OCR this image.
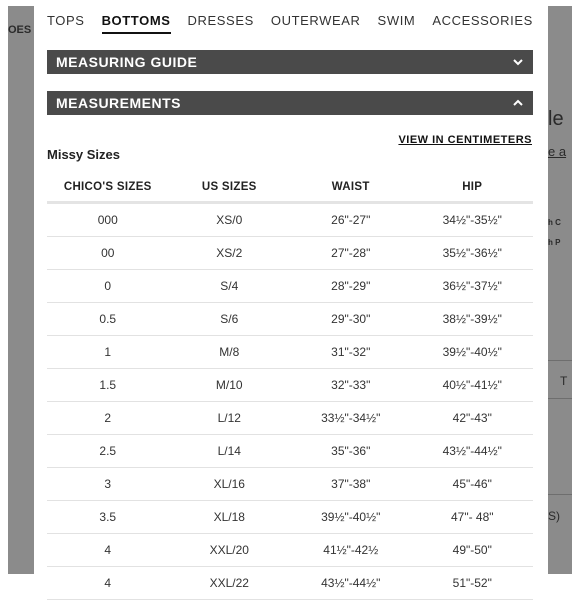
OES
le
e a
h C
h P
T
S)
TOPS BOTTOMS DRESSES OUTERWEAR SWIM ACCESSORIES
MEASURING GUIDE
MEASUREMENTS
VIEW IN CENTIMETERS
Missy Sizes
CHICO'S SIZES	US SIZES	WAIST	HIP
000	XS/0	26"-27"	34½"-35½"
00	XS/2	27"-28"	35½"-36½"
0	S/4	28"-29"	36½"-37½"
0.5	S/6	29"-30"	38½"-39½"
1	M/8	31"-32"	39½"-40½"
1.5	M/10	32"-33"	40½"-41½"
2	L/12	33½"-34½"	42"-43"
2.5	L/14	35"-36"	43½"-44½"
3	XL/16	37"-38"	45"-46"
3.5	XL/18	39½"-40½"	47"- 48"
4	XXL/20	41½"-42½	49"-50"
4	XXL/22	43½"-44½"	51"-52"
